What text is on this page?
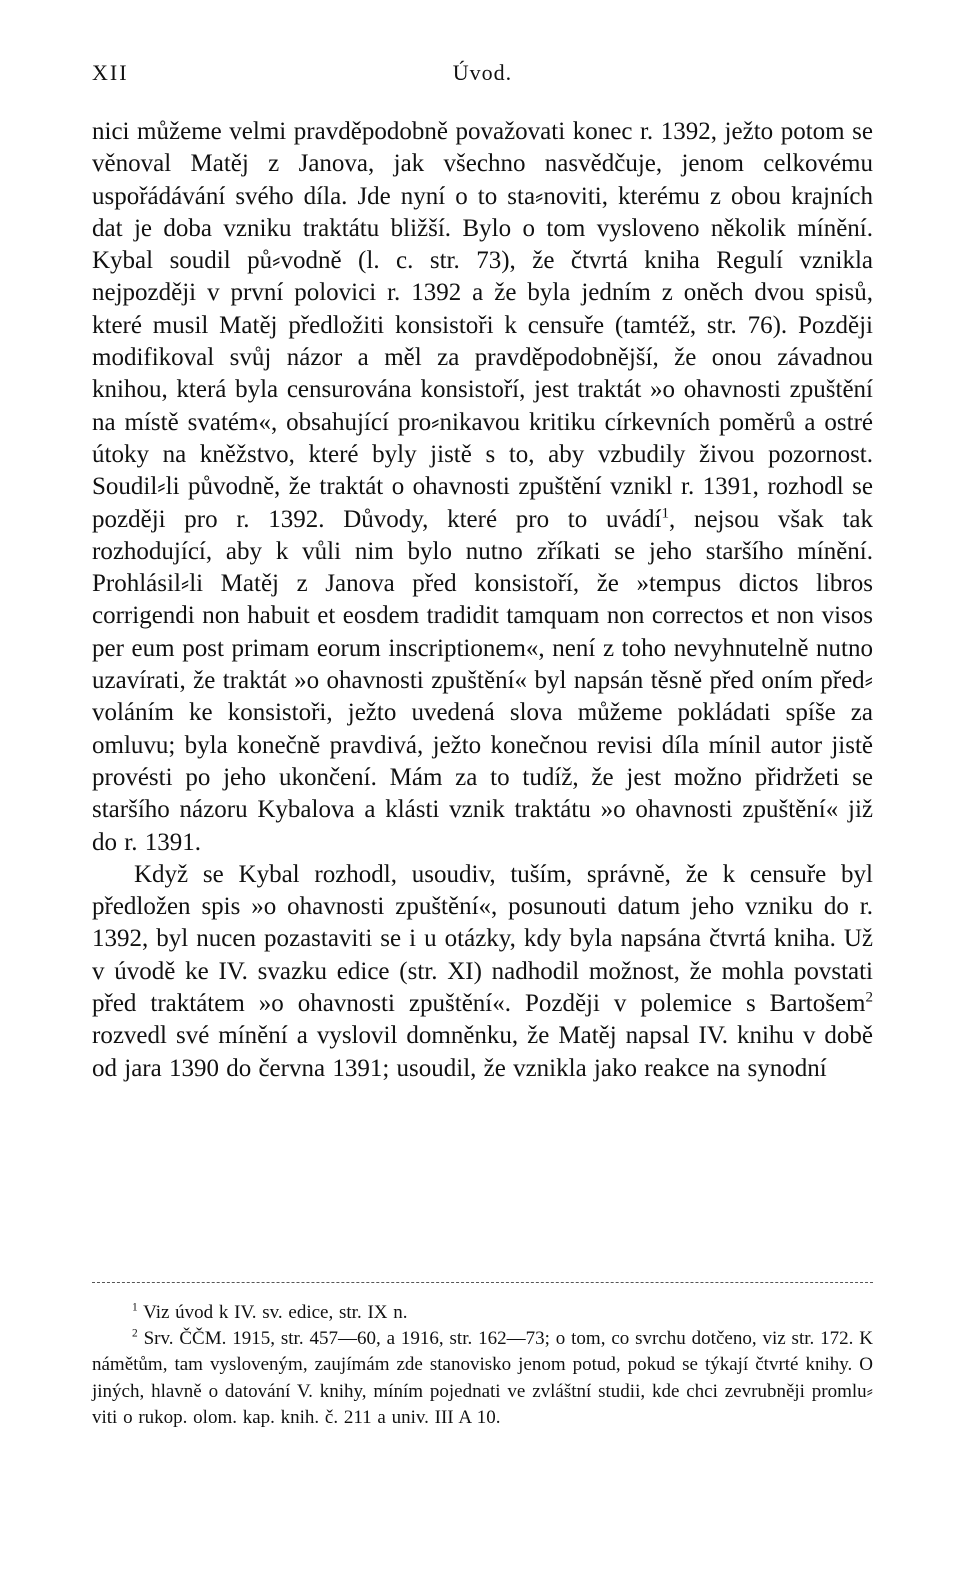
XII	Úvod.

nici můžeme velmi pravděpodobně považovati konec r. 1392, ježto potom se věnoval Matěj z Janova, jak všechno nasvědčuje, jenom celkovému uspořádávání svého díla. Jde nyní o to sta⸗noviti, kterému z obou krajních dat je doba vzniku traktátu bližší. Bylo o tom vysloveno několik mínění. Kybal soudil pů⸗vodně (l. c. str. 73), že čtvrtá kniha Regulí vznikla nejpozději v první polovici r. 1392 a že byla jedním z oněch dvou spisů, které musil Matěj předložiti konsistoři k censuře (tamtéž, str. 76). Později modifikoval svůj názor a měl za pravděpodobnější, že onou závadnou knihou, která byla censurována konsistoří, jest traktát »o ohavnosti zpuštění na místě svatém«, obsahující pro⸗nikavou kritiku církevních poměrů a ostré útoky na kněžstvo, které byly jistě s to, aby vzbudily živou pozornost. Soudil⸗li původně, že traktát o ohavnosti zpuštění vznikl r. 1391, rozhodl se později pro r. 1392. Důvody, které pro to uvádí$^1$, nejsou však tak rozhodující, aby k vůli nim bylo nutno zříkati se jeho staršího mínění. Prohlásil⸗li Matěj z Janova před konsistoří, že »tempus dictos libros corrigendi non habuit et eosdem tradidit tamquam non correctos et non visos per eum post primam eorum inscriptionem«, není z toho nevyhnutelně nutno uzavírati, že traktát »o ohavnosti zpuštění« byl napsán těsně před oním před⸗voláním ke konsistoři, ježto uvedená slova můžeme pokládati spíše za omluvu; byla konečně pravdivá, ježto konečnou revisi díla mínil autor jistě provésti po jeho ukončení. Mám za to tudíž, že jest možno přidržeti se staršího názoru Kybalova a klásti vznik traktátu »o ohavnosti zpuštění« již do r. 1391.

Když se Kybal rozhodl, usoudiv, tuším, správně, že k censuře byl předložen spis »o ohavnosti zpuštění«, posunouti datum jeho vzniku do r. 1392, byl nucen pozastaviti se i u otázky, kdy byla napsána čtvrtá kniha. Už v úvodě ke IV. svazku edice (str. XI) nadhodil možnost, že mohla povstati před traktátem »o ohavnosti zpuštění«. Později v polemice s Bartošem$^2$ rozvedl své mínění a vyslovil domněnku, že Matěj napsal IV. knihu v době od jara 1390 do června 1391; usoudil, že vznikla jako reakce na synodní

$^1$ Viz úvod k IV. sv. edice, str. IX n.

$^2$ Srv. ČČM. 1915, str. 457—60, a 1916, str. 162—73; o tom, co svrchu dotčeno, viz str. 172. K námětům, tam vysloveným, zaujímám zde stanovisko jenom potud, pokud se týkají čtvrté knihy. O jiných, hlavně o datování V. knihy, míním pojednati ve zvláštní studii, kde chci zevrubněji promlu⸗viti o rukop. olom. kap. knih. č. 211 a univ. III A 10.
